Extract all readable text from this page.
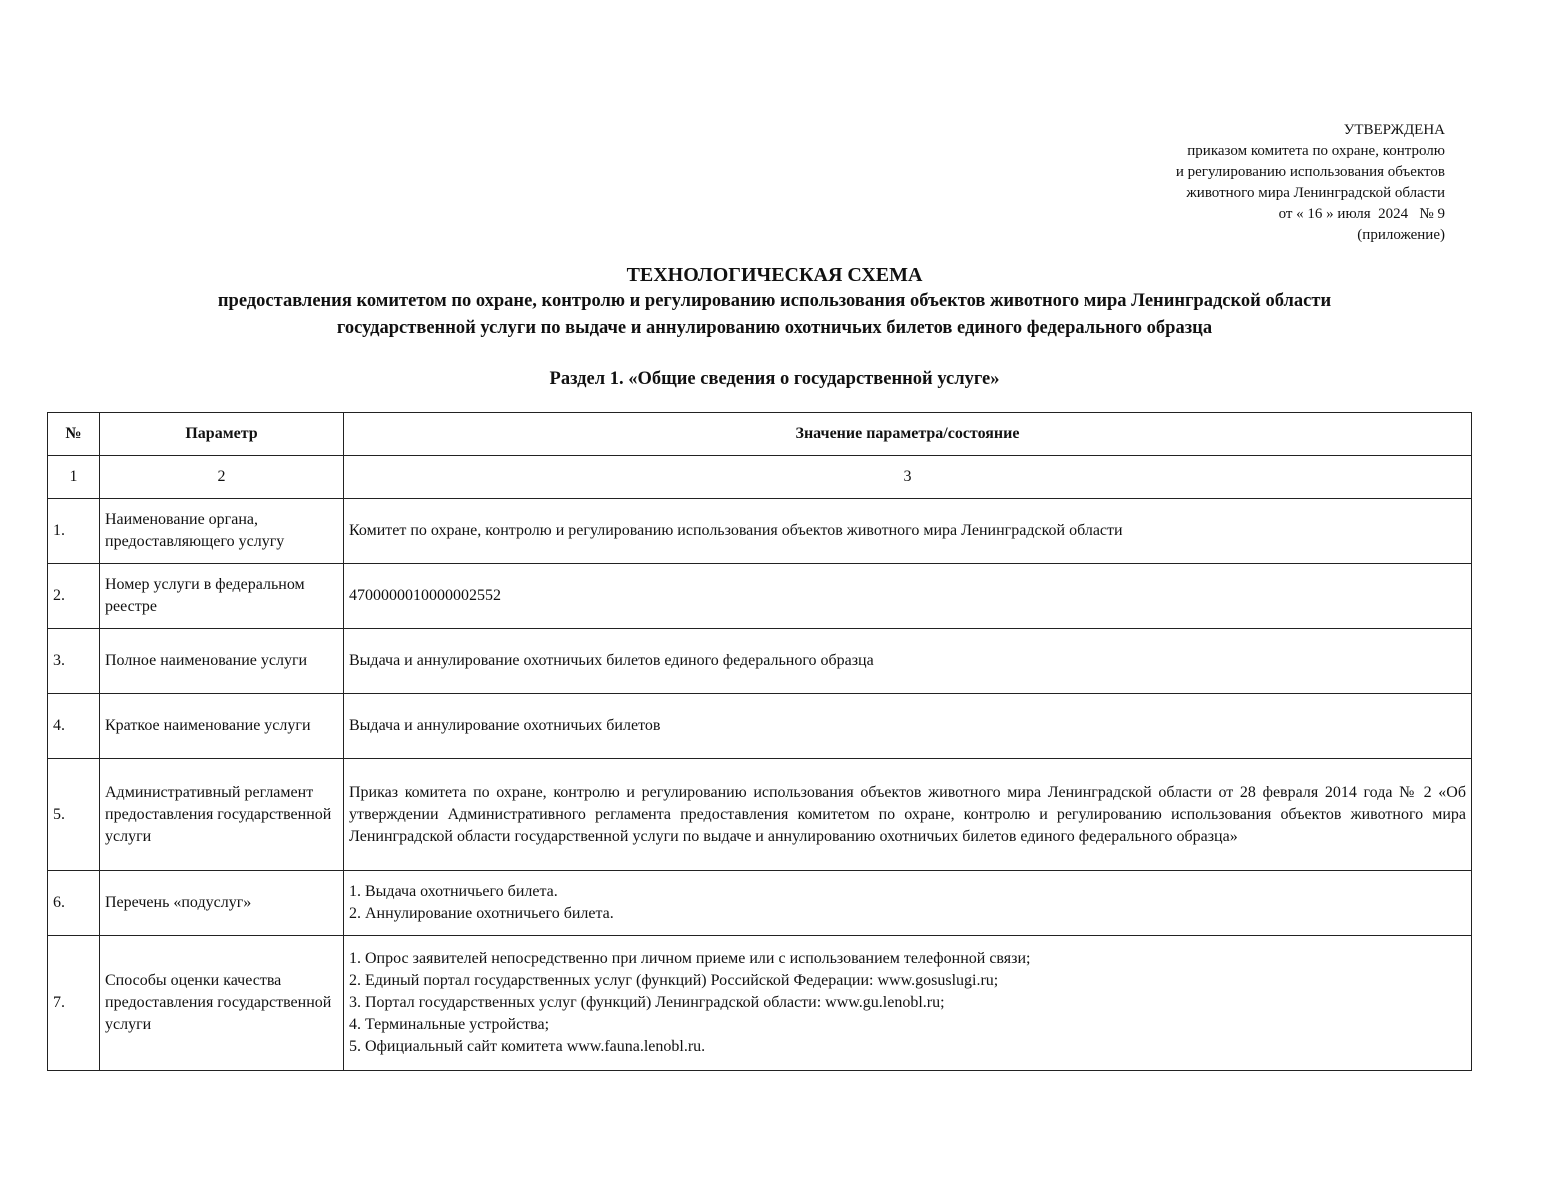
УТВЕРЖДЕНА
приказом комитета по охране, контролю
и регулированию использования объектов
животного мира Ленинградской области
от « 16 » июля  2024   № 9
(приложение)
ТЕХНОЛОГИЧЕСКАЯ СХЕМА
предоставления комитетом по охране, контролю и регулированию использования объектов животного мира Ленинградской области
государственной услуги по выдаче и аннулированию охотничьих билетов единого федерального образца
Раздел 1. «Общие сведения о государственной услуге»
№	Параметр	Значение параметра/состояние
1	2	3
1.	Наименование органа, предоставляющего услугу	Комитет по охране, контролю и регулированию использования объектов животного мира Ленинградской области

2.	Номер услуги в федеральном реестре	4700000010000002552

3.	Полное наименование услуги	Выдача и аннулирование охотничьих билетов единого федерального образца

4.	Краткое наименование услуги	Выдача и аннулирование охотничьих билетов

5.	Административный регламент предоставления государственной услуги	Приказ комитета по охране, контролю и регулированию использования объектов животного мира Ленинградской области от 28 февраля 2014 года № 2 «Об утверждении Административного регламента предоставления комитетом по охране, контролю и регулированию использования объектов животного мира Ленинградской области государственной услуги по выдаче и аннулированию охотничьих билетов единого федерального образца»
6.	Перечень «подуслуг»	1. Выдача охотничьего билета.
2. Аннулирование охотничьего билета.

7.	Способы оценки качества предоставления государственной услуги	1. Опрос заявителей непосредственно при личном приеме или с использованием телефонной связи;
2. Единый портал государственных услуг (функций) Российской Федерации: www.gosuslugi.ru;
3. Портал государственных услуг (функций) Ленинградской области: www.gu.lenobl.ru;
4. Терминальные устройства;
5. Официальный сайт комитета www.fauna.lenobl.ru.
